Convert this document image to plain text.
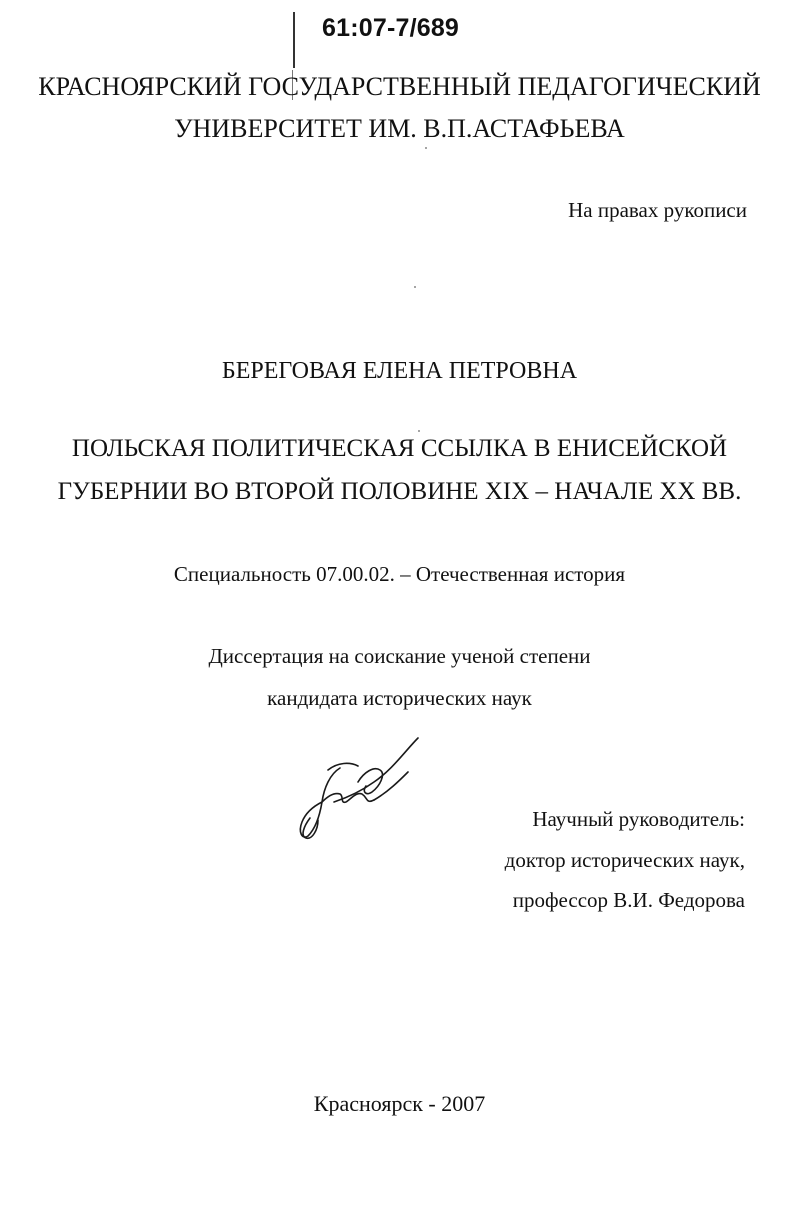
61:07-7/689
КРАСНОЯРСКИЙ ГОСУДАРСТВЕННЫЙ ПЕДАГОГИЧЕСКИЙ
УНИВЕРСИТЕТ ИМ. В.П.АСТАФЬЕВА
На правах рукописи
БЕРЕГОВАЯ ЕЛЕНА ПЕТРОВНА
ПОЛЬСКАЯ ПОЛИТИЧЕСКАЯ ССЫЛКА В ЕНИСЕЙСКОЙ
ГУБЕРНИИ ВО ВТОРОЙ ПОЛОВИНЕ XIX – НАЧАЛЕ XX ВВ.
Специальность 07.00.02. – Отечественная история
Диссертация на соискание ученой степени
кандидата исторических наук
Научный руководитель:
доктор исторических наук,
профессор В.И. Федорова
Красноярск - 2007
